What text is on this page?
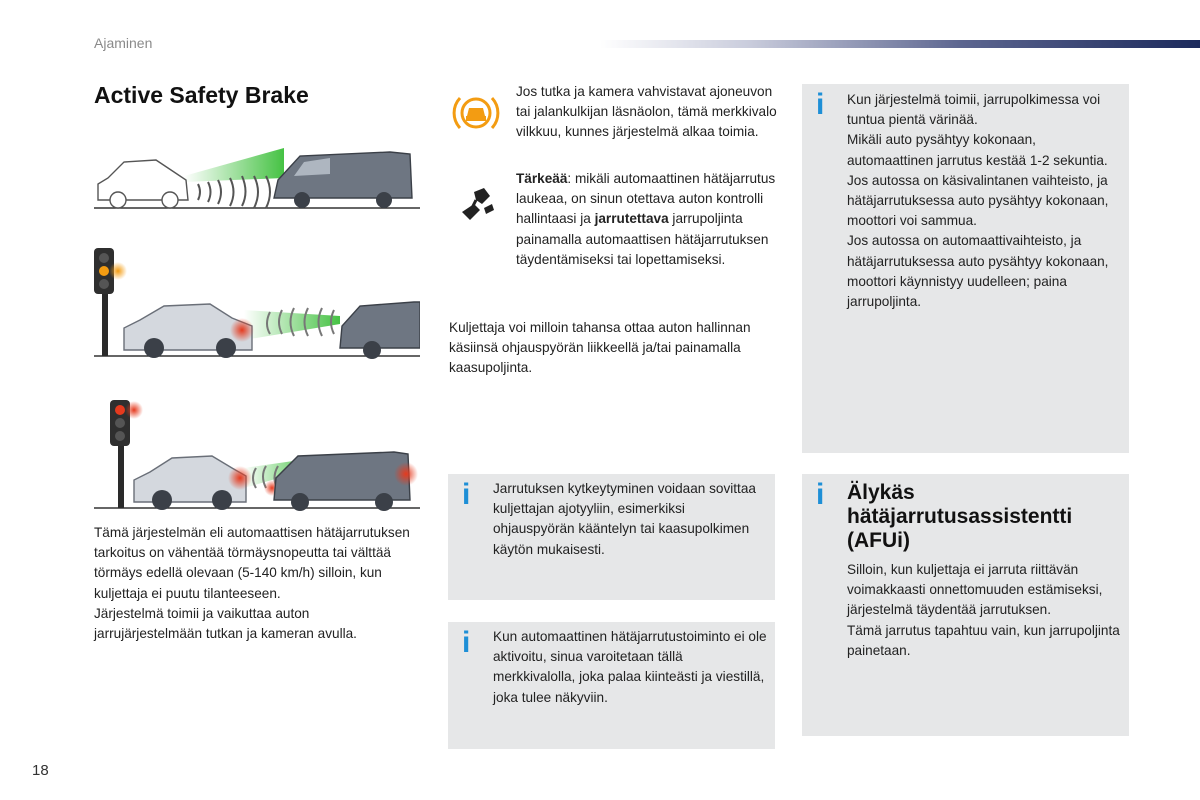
Ajaminen
Active Safety Brake

Tämä järjestelmän eli automaattisen hätäjarrutuksen tarkoitus on vähentää törmäysnopeutta tai välttää törmäys edellä olevaan (5-140 km/h) silloin, kun kuljettaja ei puutu tilanteeseen.

Järjestelmä toimii ja vaikuttaa auton jarrujärjestelmään tutkan ja kameran avulla.

Jos tutka ja kamera vahvistavat ajoneuvon tai jalankulkijan läsnäolon, tämä merkkivalo vilkkuu, kunnes järjestelmä alkaa toimia.
Tärkeää: mikäli automaattinen hätäjarrutus laukeaa, on sinun otettava auton kontrolli hallintaasi ja jarrutettava jarrupoljinta painamalla automaattisen hätäjarrutuksen täydentämiseksi tai lopettamiseksi.
Kuljettaja voi milloin tahansa ottaa auton hallinnan käsiinsä ohjauspyörän liikkeellä ja/tai painamalla kaasupoljinta.
i Jarrutuksen kytkeytyminen voidaan sovittaa kuljettajan ajotyyliin, esimerkiksi ohjauspyörän kääntelyn tai kaasupolkimen käytön mukaisesti.
i Kun automaattinen hätäjarrutustoiminto ei ole aktivoitu, sinua varoitetaan tällä merkkivalolla, joka palaa kiinteästi ja viestillä, joka tulee näkyviin.
i Kun järjestelmä toimii, jarrupolkimessa voi tuntua pientä värinää.

Mikäli auto pysähtyy kokonaan, automaattinen jarrutus kestää 1-2 sekuntia.

Jos autossa on käsivalintanen vaihteisto, ja hätäjarrutuksessa auto pysähtyy kokonaan, moottori voi sammua.

Jos autossa on automaattivaihteisto, ja hätäjarrutuksessa auto pysähtyy kokonaan, moottori käynnistyy uudelleen; paina jarrupoljinta.

i Älykäs
hätäjarrutusassistentti
(AFUi)

Silloin, kun kuljettaja ei jarruta riittävän voimakkaasti onnettomuuden estämiseksi, järjestelmä täydentää jarrutuksen.

Tämä jarrutus tapahtuu vain, kun jarrupoljinta painetaan.

18
